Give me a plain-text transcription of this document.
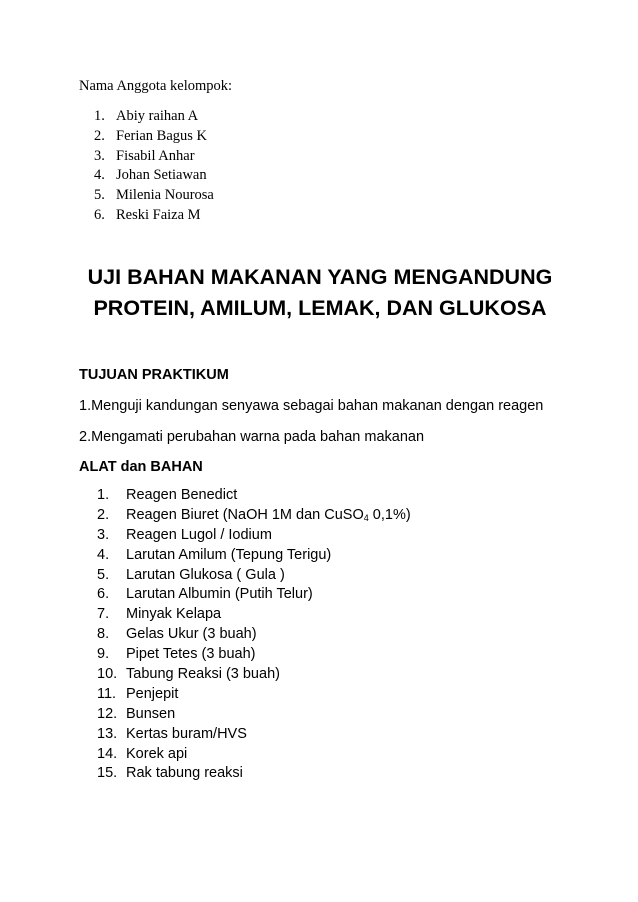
Nama Anggota kelompok:

1. Abiy raihan A
2. Ferian Bagus K
3. Fisabil Anhar
4. Johan Setiawan
5. Milenia Nourosa
6. Reski Faiza M
UJI BAHAN MAKANAN YANG MENGANDUNG
PROTEIN, AMILUM, LEMAK, DAN GLUKOSA
TUJUAN PRAKTIKUM

1.Menguji kandungan senyawa sebagai bahan makanan dengan reagen

2.Mengamati perubahan warna pada bahan makanan

ALAT dan BAHAN
1. Reagen Benedict
2. Reagen Biuret (NaOH 1M dan CuSO$_4$ 0,1%)
3. Reagen Lugol / Iodium
4. Larutan Amilum (Tepung Terigu)
5. Larutan Glukosa ( Gula )
6. Larutan Albumin (Putih Telur)
7. Minyak Kelapa
8. Gelas Ukur (3 buah)
9. Pipet Tetes (3 buah)
10. Tabung Reaksi (3 buah)
11. Penjepit
12. Bunsen
13. Kertas buram/HVS
14. Korek api
15. Rak tabung reaksi
